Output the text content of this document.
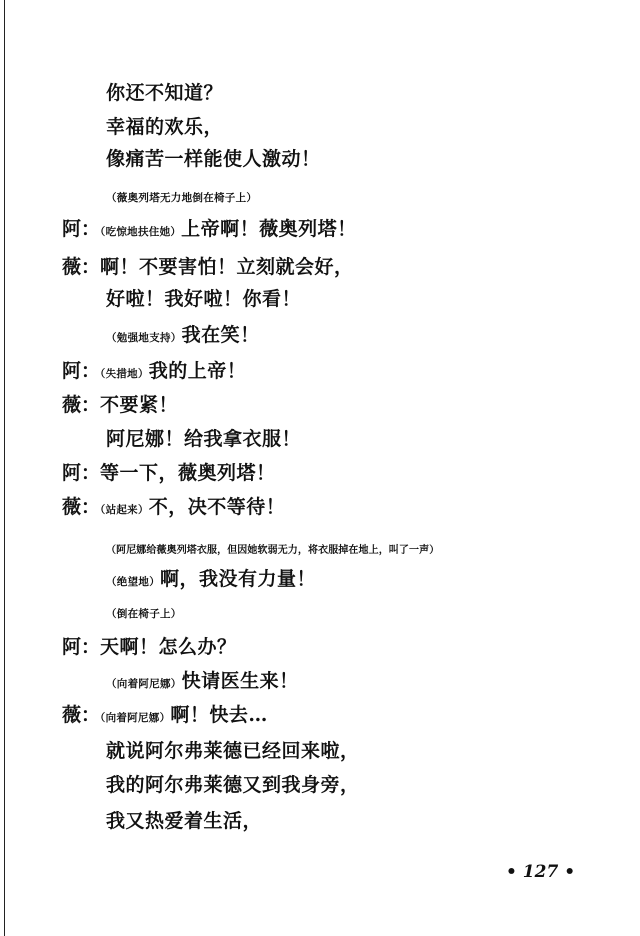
你还不知道？
幸福的欢乐，
像痛苦一样能使人激动！
（薇奥列塔无力地倒在椅子上）
阿：（吃惊地扶住她）上帝啊！薇奥列塔！
薇：啊！不要害怕！立刻就会好，
好啦！我好啦！你看！
（勉强地支持）我在笑！
阿：（失措地）我的上帝！
薇：不要紧！
阿尼娜！给我拿衣服！
阿：等一下，薇奥列塔！
薇：（站起来）不，决不等待！
（阿尼娜给薇奥列塔衣服，但因她软弱无力，将衣服掉在地上，叫了一声）
（绝望地）啊，我没有力量！
（倒在椅子上）
阿：天啊！怎么办？
（向着阿尼娜）快请医生来！
薇：（向着阿尼娜）啊！快去…
就说阿尔弗莱德已经回来啦，
我的阿尔弗莱德又到我身旁，
我又热爱着生活，
• 127 •
